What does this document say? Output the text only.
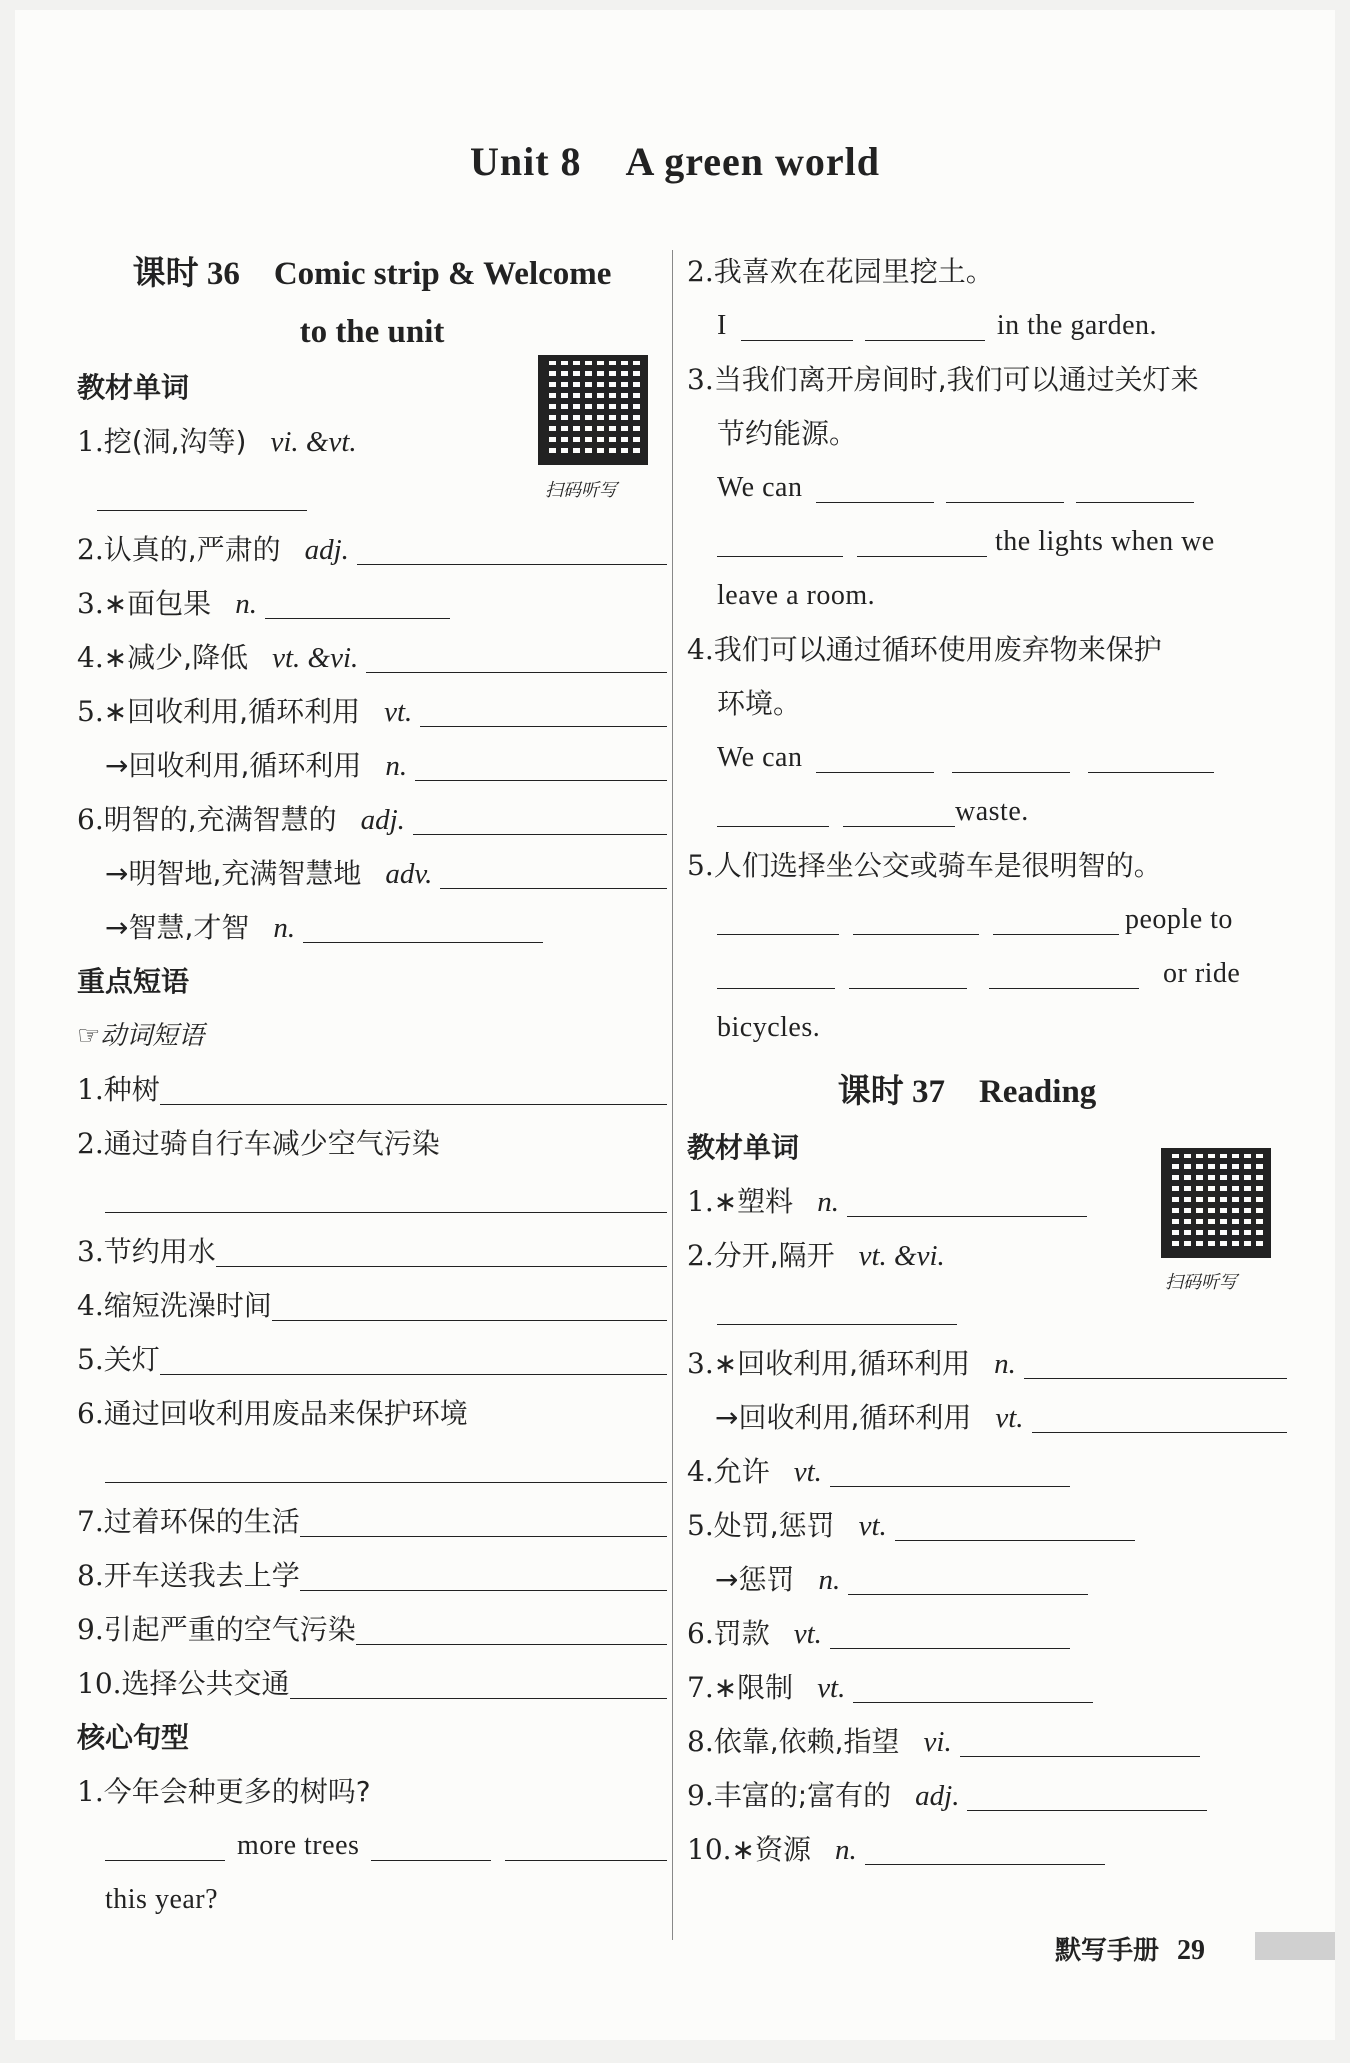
Unit 8 A green world
课时 36 Comic strip & Welcome
to the unit
教材单词
1. 挖(洞,沟等) vi. &vt.
2. 认真的,严肃的 adj.
3. ∗面包果 n.
4. ∗减少,降低 vt. &vi.
5. ∗回收利用,循环利用 vt.
→回收利用,循环利用 n.
6. 明智的,充满智慧的 adj.
→明智地,充满智慧地 adv.
→智慧,才智 n.
重点短语
☞动词短语
1. 种树
2. 通过骑自行车减少空气污染
3. 节约用水
4. 缩短洗澡时间
5. 关灯
6. 通过回收利用废品来保护环境
7. 过着环保的生活
8. 开车送我去上学
9. 引起严重的空气污染
10. 选择公共交通
核心句型
1. 今年会种更多的树吗?
more trees
this year?
扫码听写
2. 我喜欢在花园里挖土。
I	in the garden.
3. 当我们离开房间时,我们可以通过关灯来
节约能源。
We can
the lights when we
leave a room.
4. 我们可以通过循环使用废弃物来保护
环境。
We can
waste.
5. 人们选择坐公交或骑车是很明智的。
people to
or ride
bicycles.
课时 37 Reading
教材单词
1. ∗塑料 n.
2. 分开,隔开 vt. &vi.
3. ∗回收利用,循环利用 n.
→回收利用,循环利用 vt.
4. 允许 vt.
5. 处罚,惩罚 vt.
→惩罚 n.
6. 罚款 vt.
7. ∗限制 vt.
8. 依靠,依赖,指望 vi.
9. 丰富的;富有的 adj.
10. ∗资源 n.
扫码听写
默写手册 29
